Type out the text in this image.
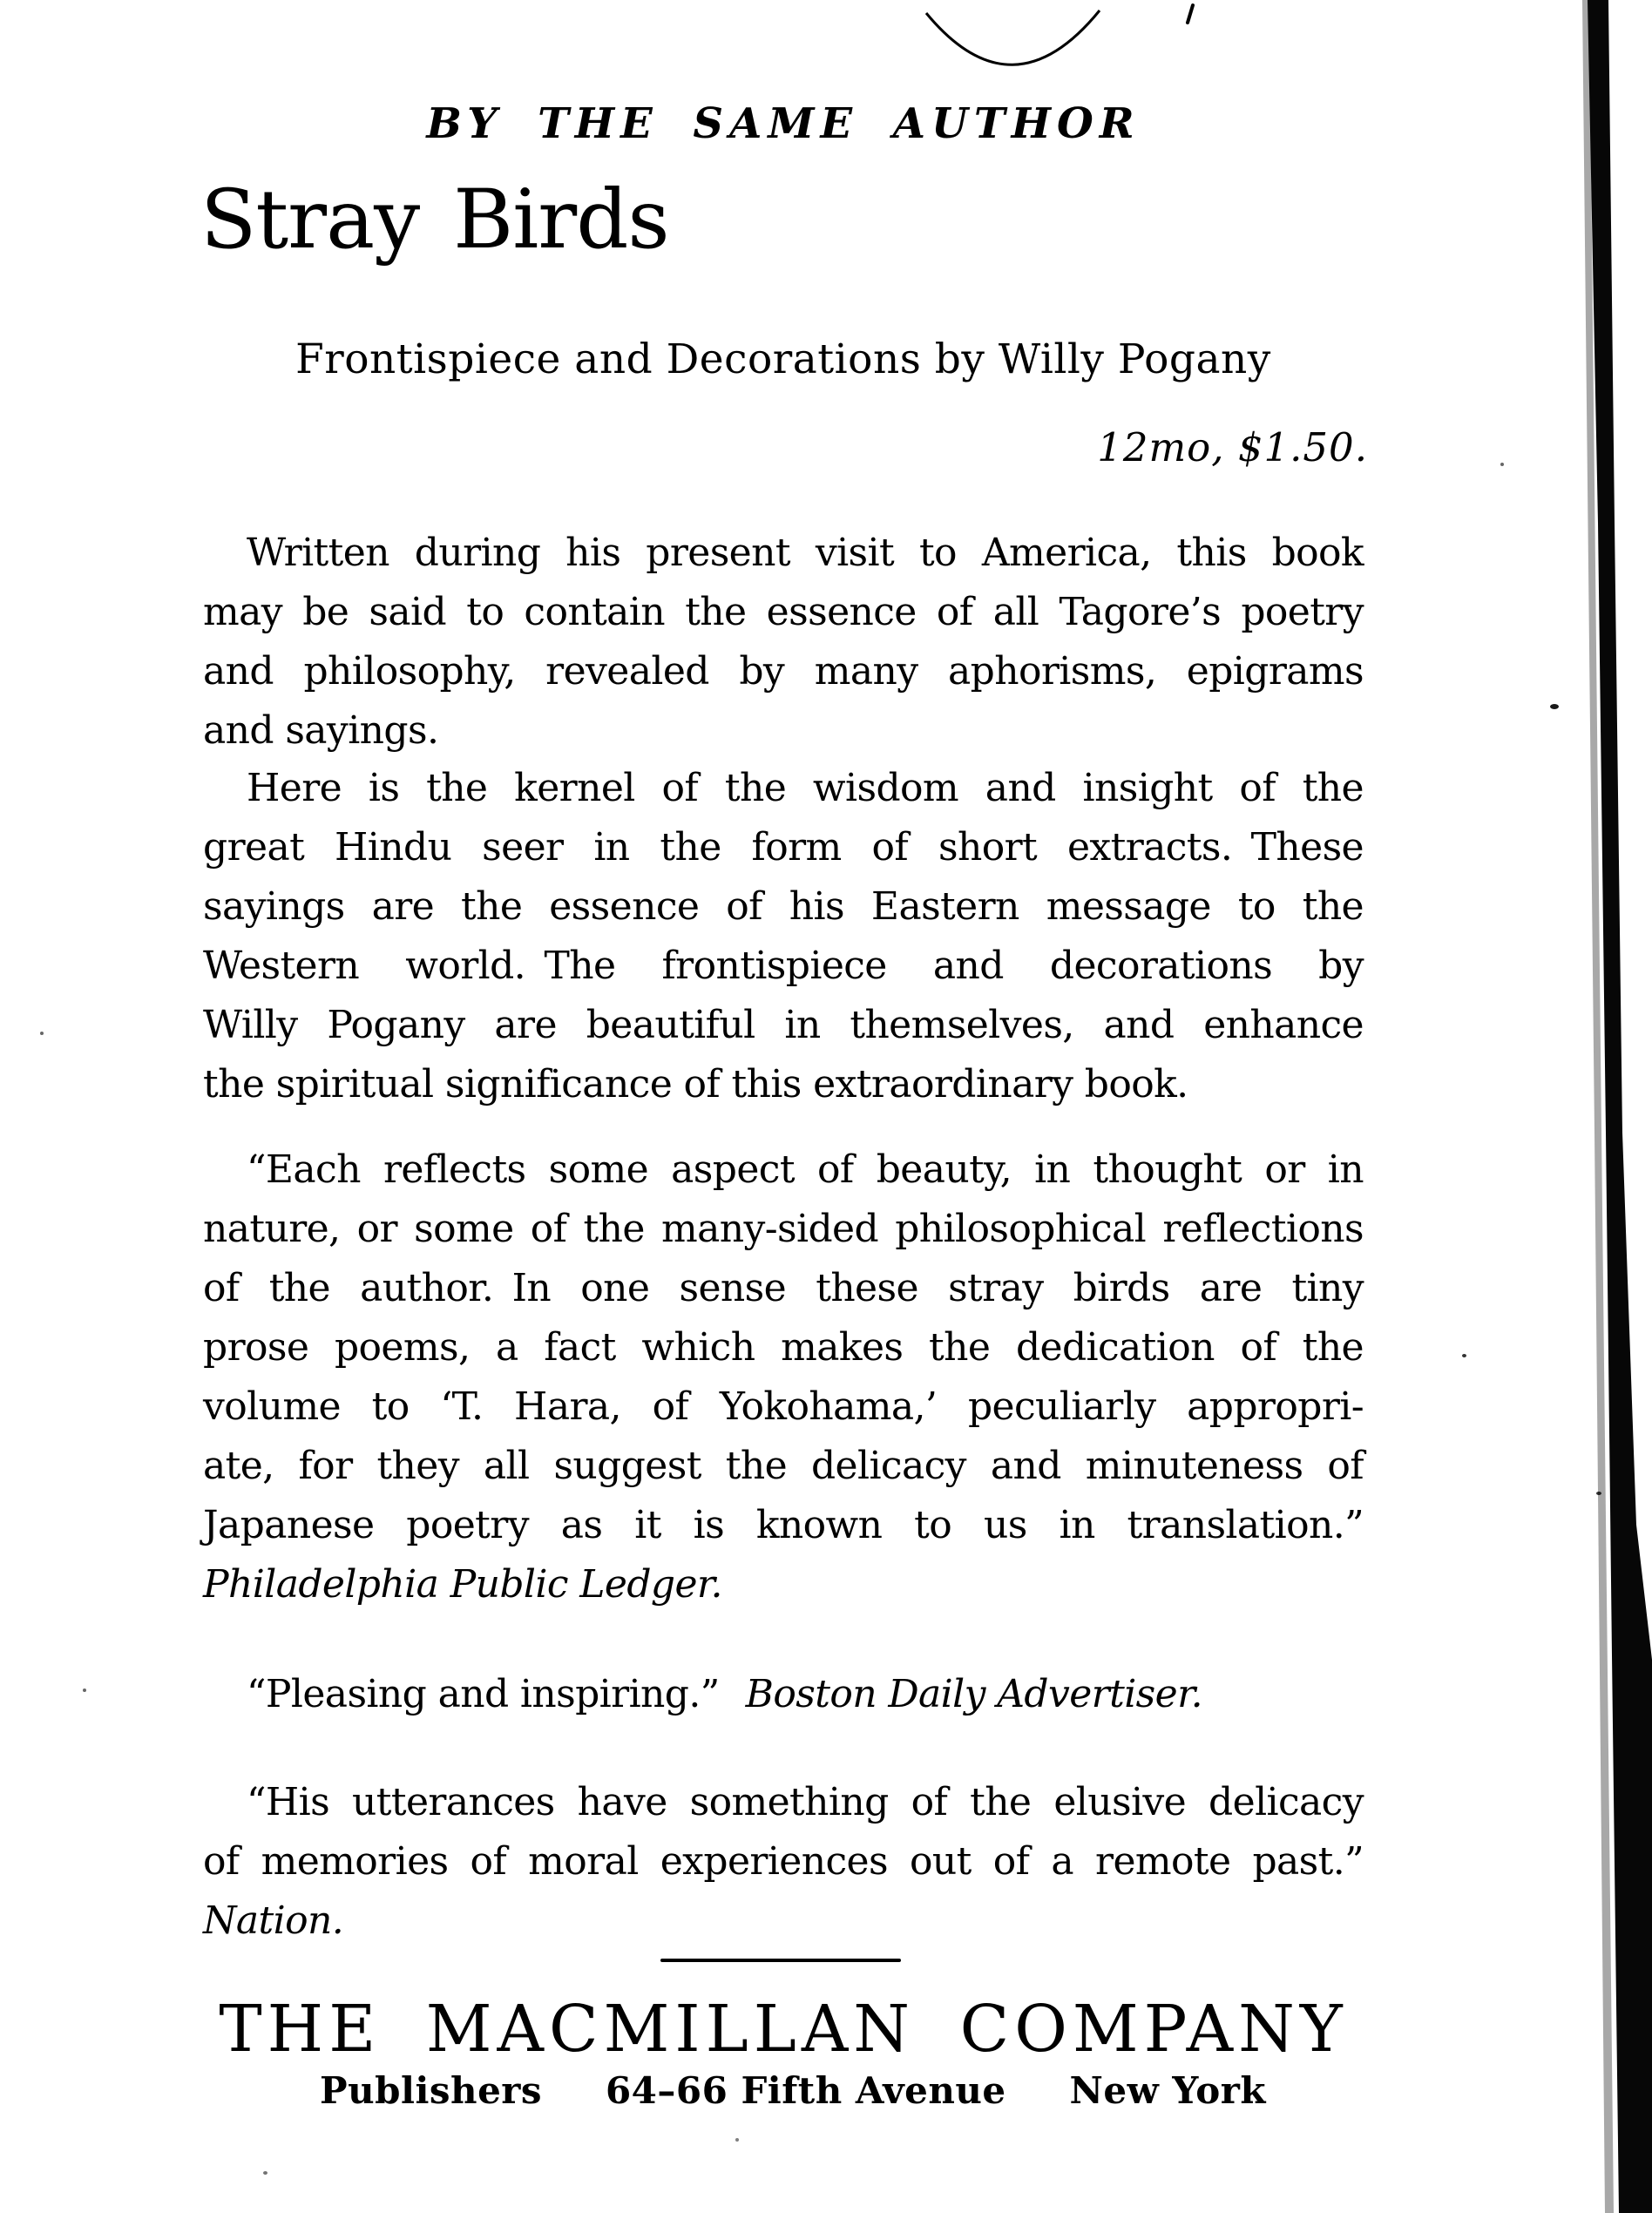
BY THE SAME AUTHOR
Stray Birds
Frontispiece and Decorations by Willy Pogany
12mo, $1.50.
Written during his present visit to America, this book
may be said to contain the essence of all Tagore’s poetry
and philosophy, revealed by many aphorisms, epigrams
and sayings.
Here is the kernel of the wisdom and insight of the
great Hindu seer in the form of short extracts. These
sayings are the essence of his Eastern message to the
Western world. The frontispiece and decorations by
Willy Pogany are beautiful in themselves, and enhance
the spiritual significance of this extraordinary book.
“Each reflects some aspect of beauty, in thought or in
nature, or some of the many-sided philosophical reflections
of the author. In one sense these stray birds are tiny
prose poems, a fact which makes the dedication of the
volume to ‘T. Hara, of Yokohama,’ peculiarly appropri-
ate, for they all suggest the delicacy and minuteness of
Japanese poetry as it is known to us in translation.”
Philadelphia Public Ledger.
“Pleasing and inspiring.” Boston Daily Advertiser.
“His utterances have something of the elusive delicacy
of memories of moral experiences out of a remote past.”
Nation.
THE MACMILLAN COMPANY
Publishers 64–66 Fifth Avenue New York
